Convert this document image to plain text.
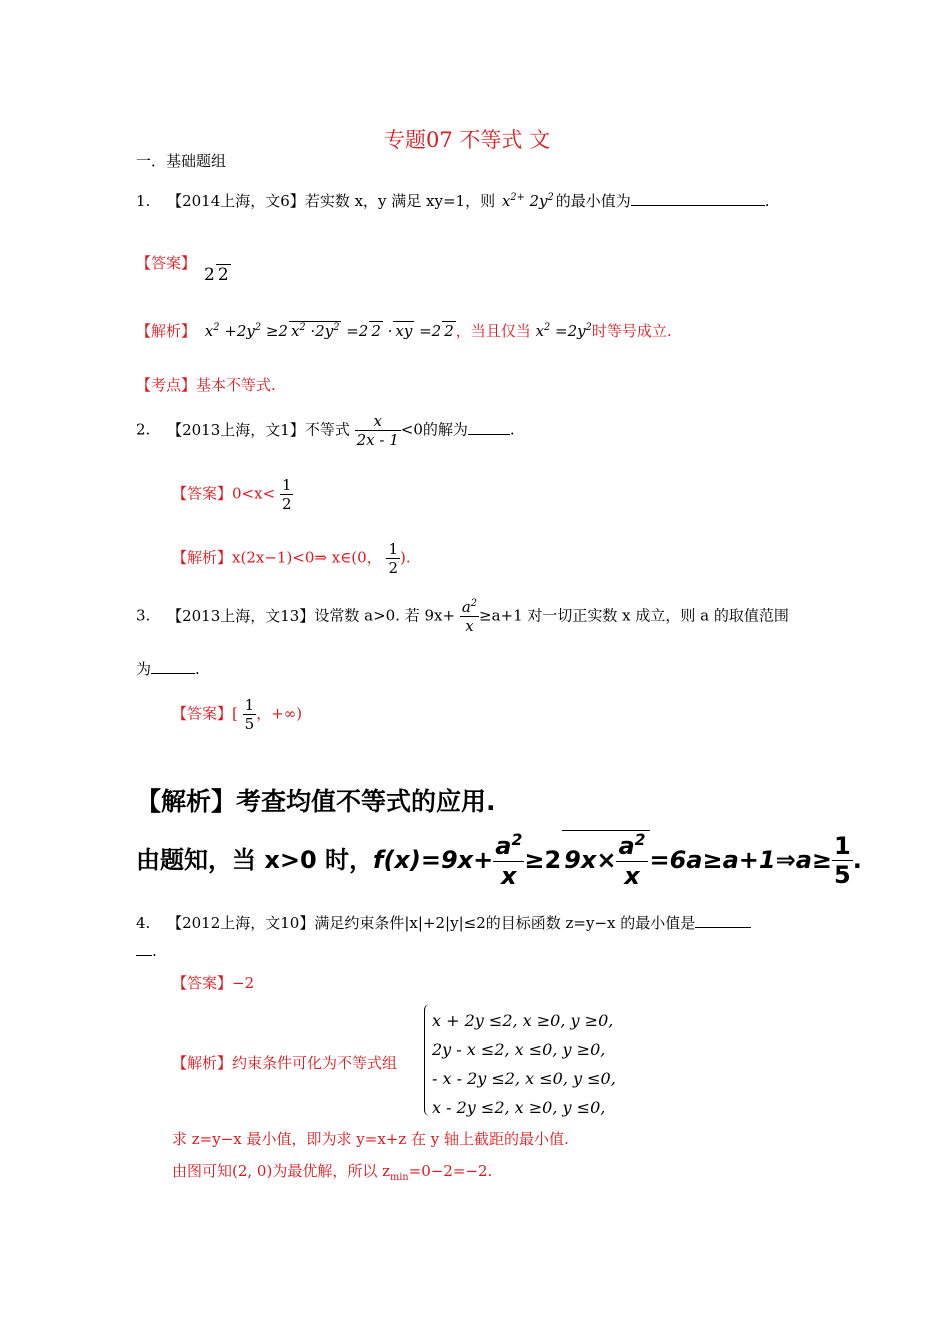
专题07 不等式 文
一．基础题组
1. 【2014上海，文6】若实数 x，y 满足 xy=1，则 $x^{2+}$ $2y^2$ 的最小值为	.
【答案】
2 2
【解析】 $x^2 +2y^2 \ge 2$ $x^2 \cdot 2y^2 =2$ 2 · xy =2 2 ，当且仅当 $x^2 =2y^2$时等号成立.
【考点】基本不等式.
2. 【2013上海，文1】不等式 $\frac{x}{2x - 1} <0$的解为	.
【答案】$0<x< \frac{1}{2}$
【解析】x(2x−1)<0⇒ x∈(0， $\frac{1}{2}$ ).
3. 【2013上海，文13】设常数 a>0. 若 $9x+ \frac{a^2}{x} \ge a+1$ 对一切正实数 x 成立，则 a 的取值范围
为	.
【答案】[ $\frac{1}{5}$ ，+∞)
【解析】考查均值不等式的应用.
由题知，当 x>0 时，$f(x)=9x+ \frac{a^2}{x} \ge 2$ $9x\times \frac{a^2}{x}$ =6a≥a+1⇒a≥ $\frac{1}{5}$ .
4. 【2012上海，文10】满足约束条件|x|+2|y|≤2的目标函数 z=y−x 的最小值是
.
【答案】−2
【解析】约束条件可化为不等式组
x + 2y ≤2, x ≥0, y ≥0,
2y - x ≤2, x ≤0, y ≥0,
- x - 2y ≤2, x ≤0, y ≤0,
x - 2y ≤2, x ≥0, y ≤0,
求 z=y−x 最小值，即为求 y=x+z 在 y 轴上截距的最小值.
由图可知(2, 0)为最优解，所以 $z_{min}=0-2=-2$.
